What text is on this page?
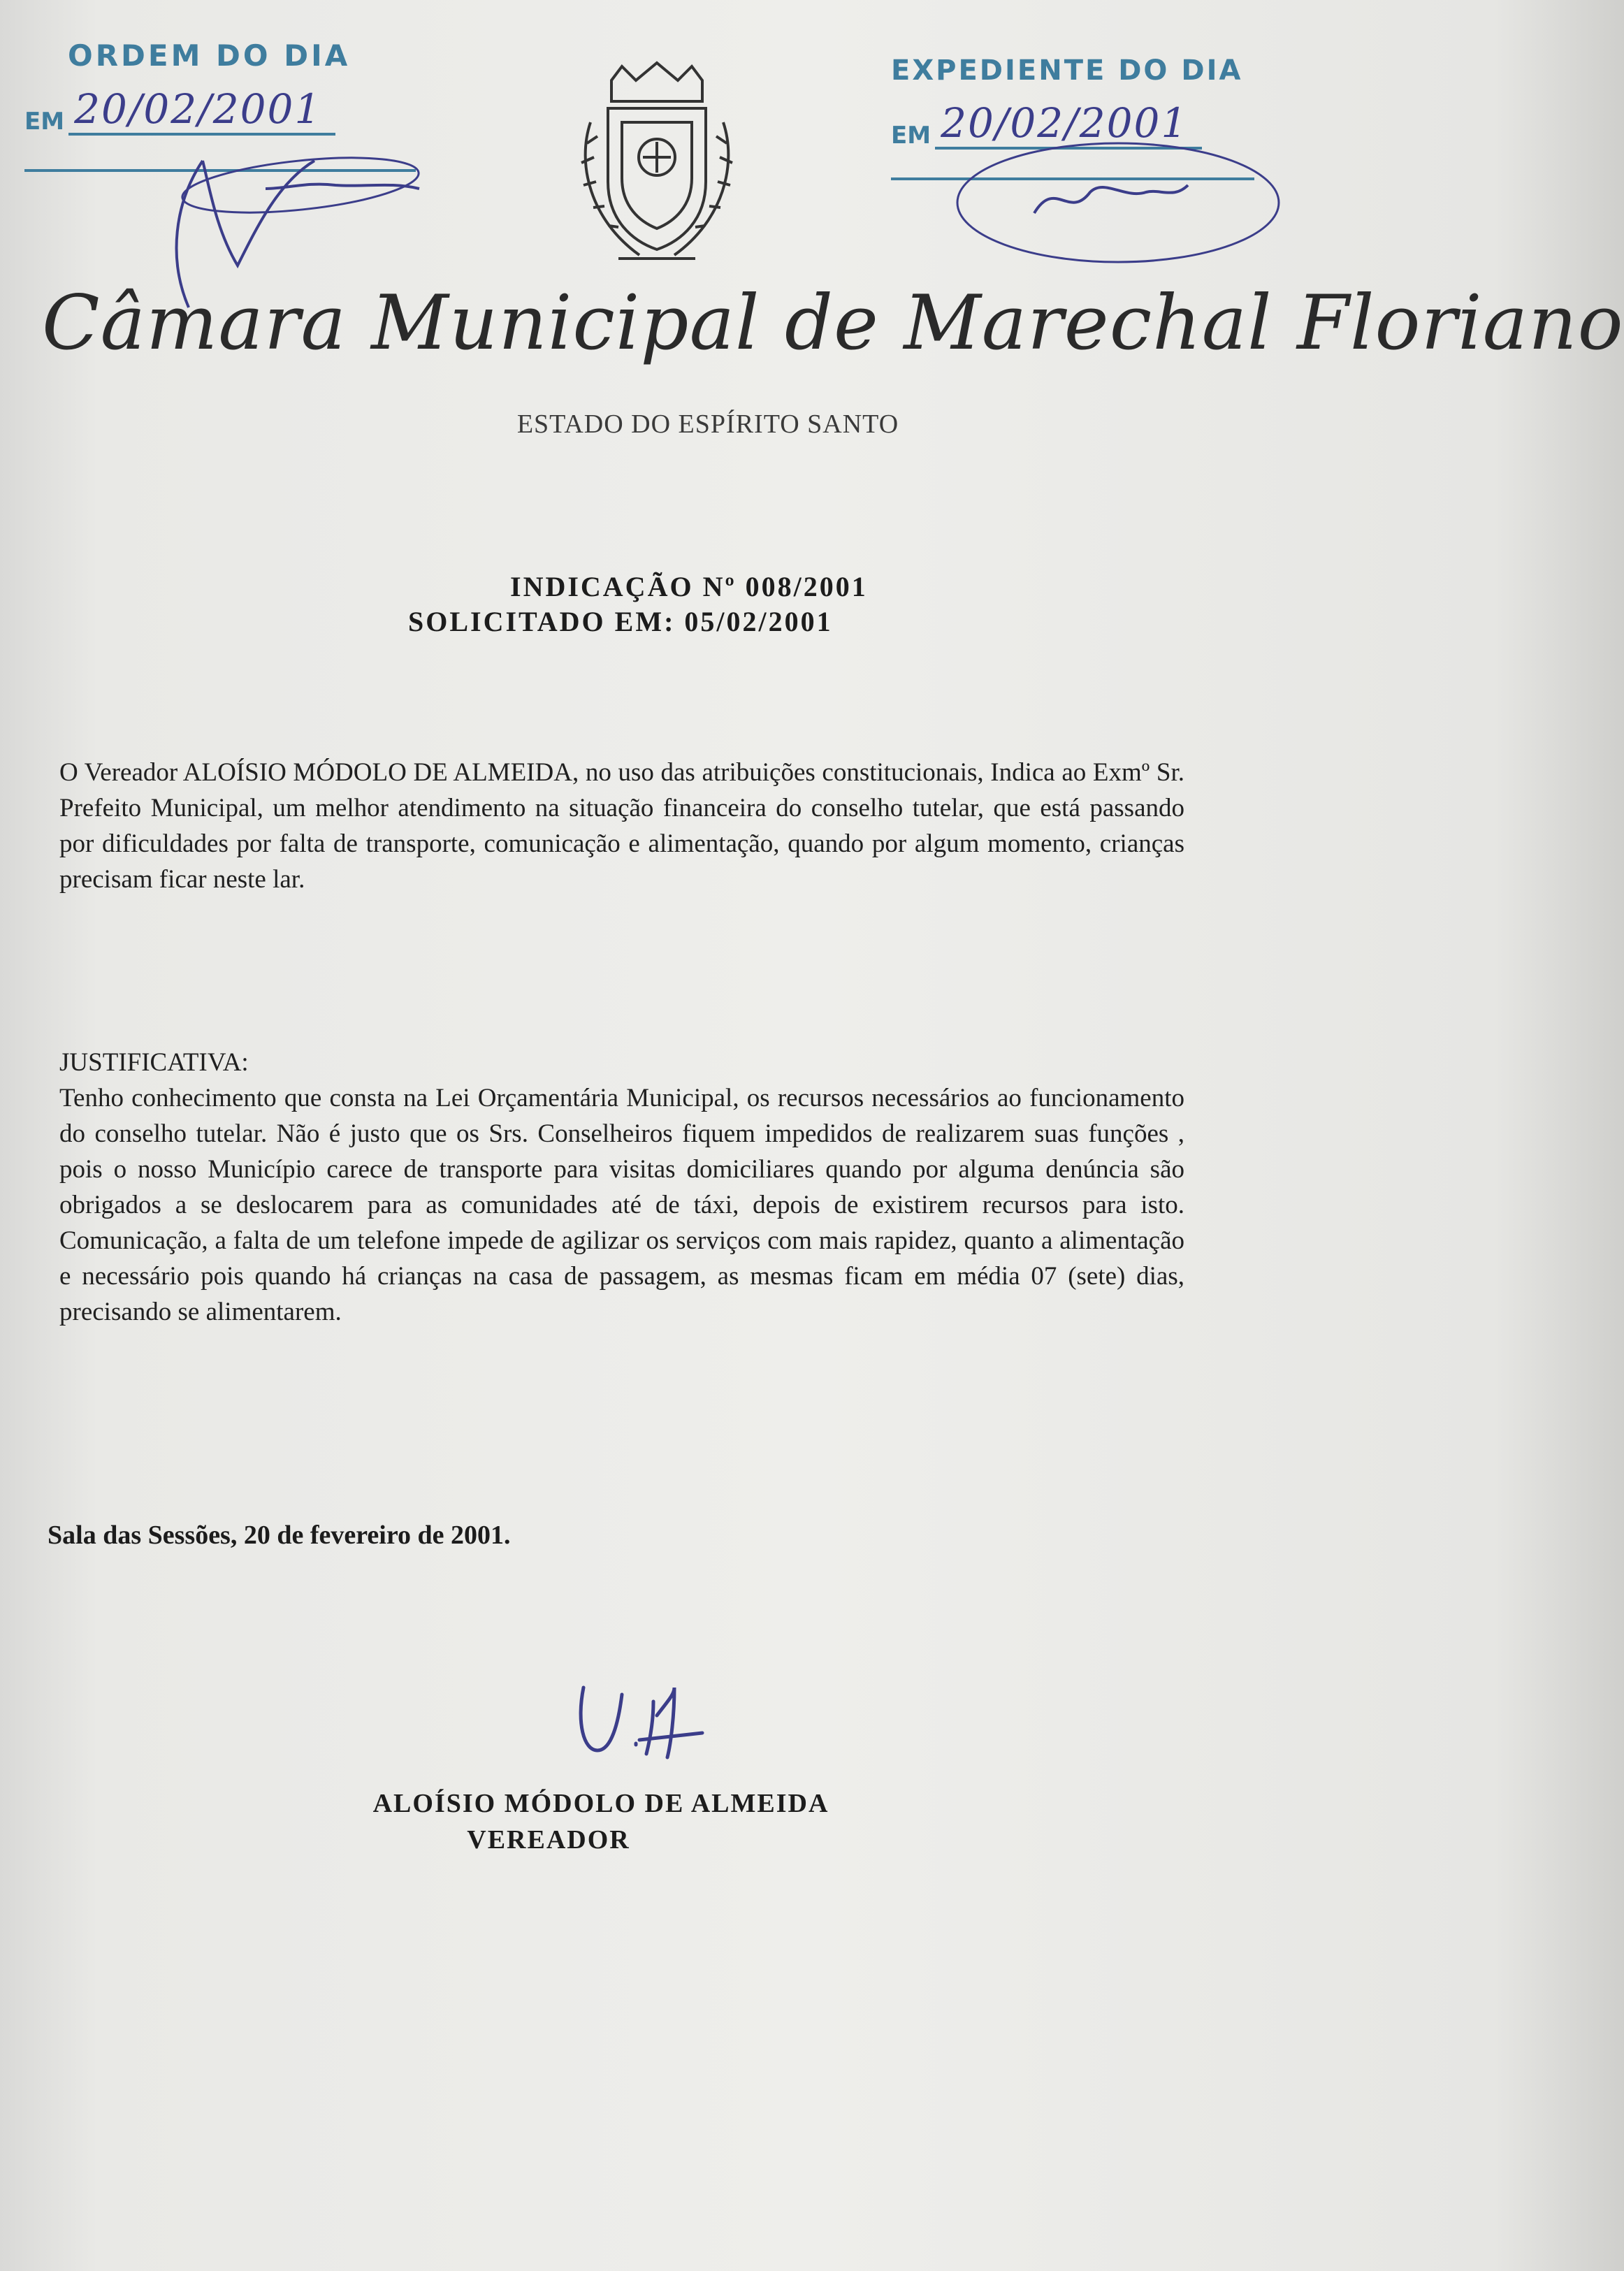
ORDEM DO DIA
EM 20/02/2001
EXPEDIENTE DO DIA
EM 20/02/2001
Câmara Municipal de Marechal Floriano
ESTADO DO ESPÍRITO SANTO
INDICAÇÃO Nº 008/2001
SOLICITADO EM: 05/02/2001
O Vereador ALOÍSIO MÓDOLO DE ALMEIDA, no uso das atribuições constitucionais, Indica ao Exmº Sr. Prefeito Municipal, um melhor atendimento na situação financeira do conselho tutelar, que está passando por dificuldades por falta de transporte, comunicação e alimentação, quando por algum momento, crianças precisam ficar neste lar.
JUSTIFICATIVA:
Tenho conhecimento que consta na Lei Orçamentária Municipal, os recursos necessários ao funcionamento do conselho tutelar. Não é justo que os Srs. Conselheiros fiquem impedidos de realizarem suas funções , pois o nosso Município carece de transporte para visitas domiciliares quando por alguma denúncia são obrigados a se deslocarem para as comunidades até de táxi, depois de existirem recursos para isto. Comunicação, a falta de um telefone impede de agilizar os serviços com mais rapidez, quanto a alimentação e necessário pois quando há crianças na casa de passagem, as mesmas ficam em média 07 (sete) dias, precisando se alimentarem.
Sala das Sessões, 20 de fevereiro de 2001.
ALOÍSIO MÓDOLO DE ALMEIDA
VEREADOR
